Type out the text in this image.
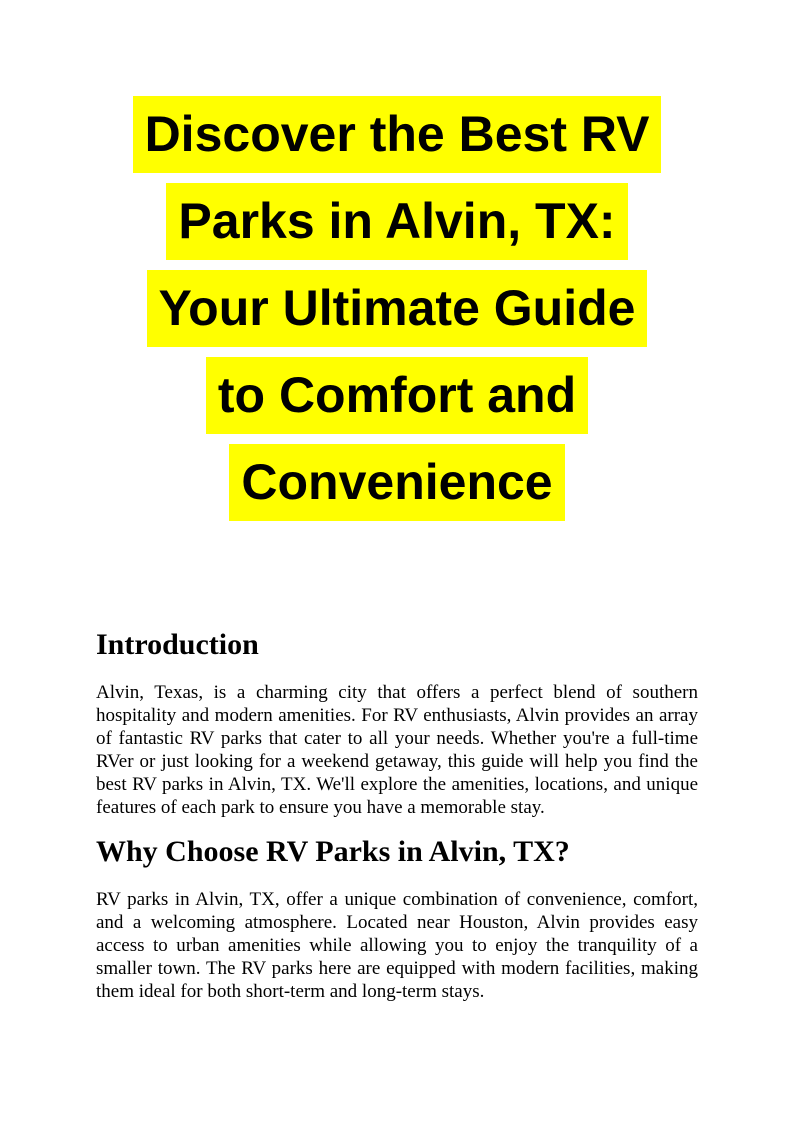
Discover the Best RV
Parks in Alvin, TX:
Your Ultimate Guide
to Comfort and
Convenience
Introduction

Alvin, Texas, is a charming city that offers a perfect blend of southern hospitality and modern amenities. For RV enthusiasts, Alvin provides an array of fantastic RV parks that cater to all your needs. Whether you're a full-time RVer or just looking for a weekend getaway, this guide will help you find the best RV parks in Alvin, TX. We'll explore the amenities, locations, and unique features of each park to ensure you have a memorable stay.

Why Choose RV Parks in Alvin, TX?

RV parks in Alvin, TX, offer a unique combination of convenience, comfort, and a welcoming atmosphere. Located near Houston, Alvin provides easy access to urban amenities while allowing you to enjoy the tranquility of a smaller town. The RV parks here are equipped with modern facilities, making them ideal for both short-term and long-term stays.
